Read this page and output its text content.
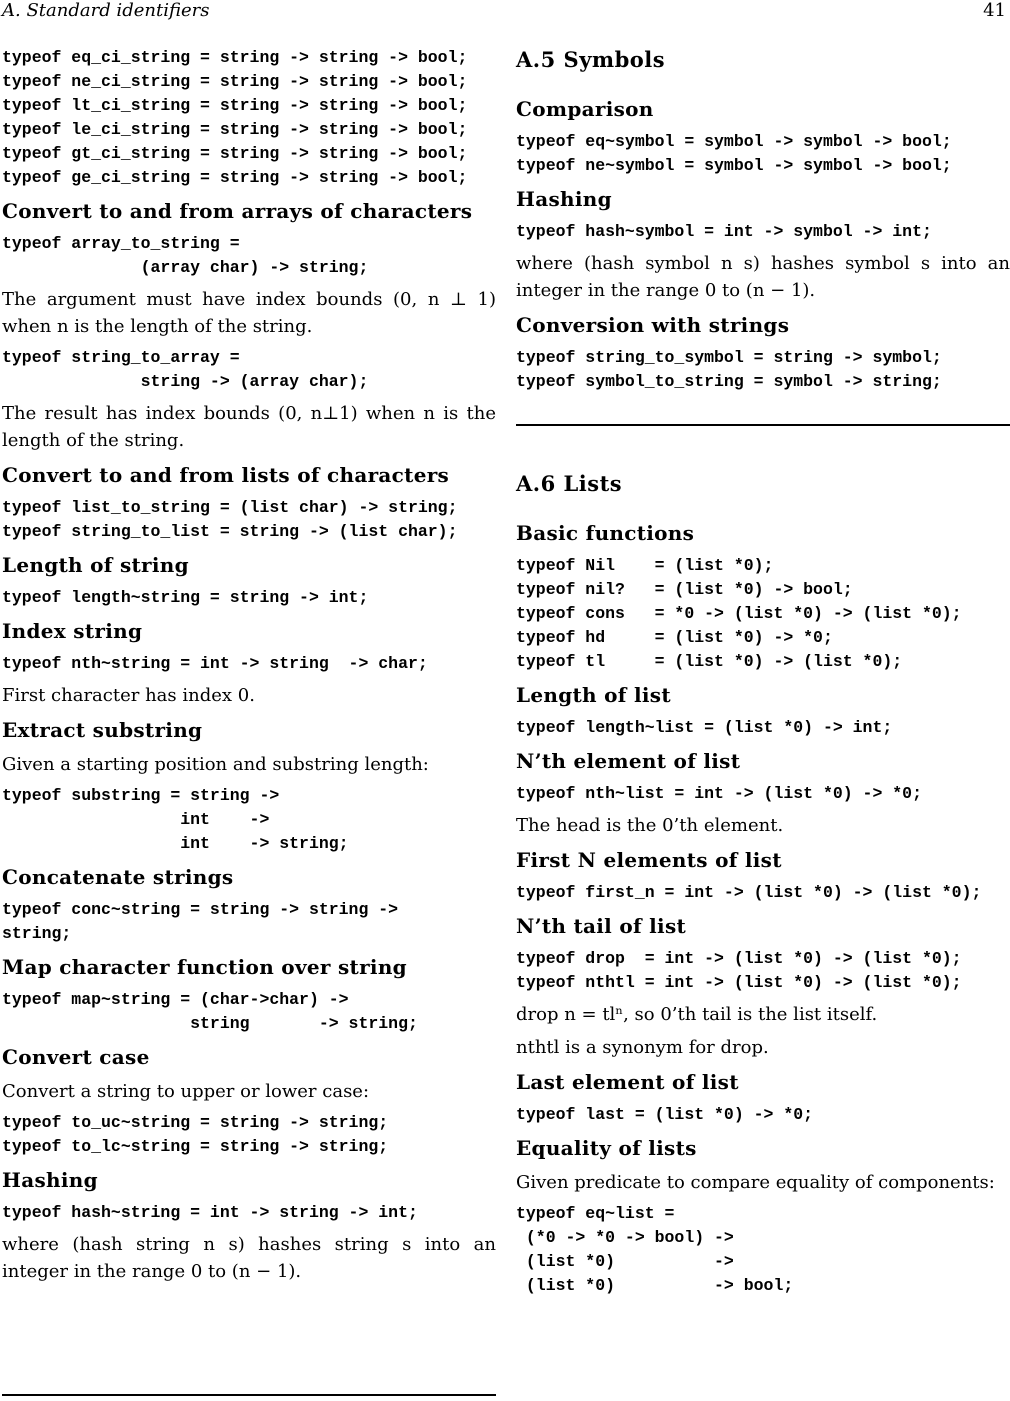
A. Standard identifiers	41
typeof eq_ci_string = string -> string -> bool;
typeof ne_ci_string = string -> string -> bool;
typeof lt_ci_string = string -> string -> bool;
typeof le_ci_string = string -> string -> bool;
typeof gt_ci_string = string -> string -> bool;
typeof ge_ci_string = string -> string -> bool;
Convert to and from arrays of characters
typeof array_to_string =
(array char) -> string;
The argument must have index bounds (0, n ⊥ 1) when n is the length of the string.
typeof string_to_array =
string -> (array char);
The result has index bounds (0, n⊥1) when n is the length of the string.
Convert to and from lists of characters
typeof list_to_string = (list char) -> string;
typeof string_to_list = string -> (list char);
Length of string
typeof length~string = string -> int;
Index string
typeof nth~string = int -> string  -> char;
First character has index 0.
Extract substring
Given a starting position and substring length:
typeof substring = string ->
int    ->
int    -> string;
Concatenate strings
typeof conc~string = string -> string ->
string;
Map character function over string
typeof map~string = (char->char) ->
string       -> string;
Convert case
Convert a string to upper or lower case:
typeof to_uc~string = string -> string;
typeof to_lc~string = string -> string;
Hashing
typeof hash~string = int -> string -> int;
where (hash string n s) hashes string s into an integer in the range 0 to (n − 1).
A.5 Symbols
Comparison
typeof eq~symbol = symbol -> symbol -> bool;
typeof ne~symbol = symbol -> symbol -> bool;
Hashing
typeof hash~symbol = int -> symbol -> int;
where (hash symbol n s) hashes symbol s into an integer in the range 0 to (n − 1).
Conversion with strings
typeof string_to_symbol = string -> symbol;
typeof symbol_to_string = symbol -> string;
A.6 Lists
Basic functions
typeof Nil    = (list *0);
typeof nil?   = (list *0) -> bool;
typeof cons   = *0 -> (list *0) -> (list *0);
typeof hd     = (list *0) -> *0;
typeof tl     = (list *0) -> (list *0);
Length of list
typeof length~list = (list *0) -> int;
N’th element of list
typeof nth~list = int -> (list *0) -> *0;
The head is the 0’th element.
First N elements of list
typeof first_n = int -> (list *0) -> (list *0);
N’th tail of list
typeof drop  = int -> (list *0) -> (list *0);
typeof nthtl = int -> (list *0) -> (list *0);
drop n = tlⁿ, so 0’th tail is the list itself.
nthtl is a synonym for drop.
Last element of list
typeof last = (list *0) -> *0;
Equality of lists
Given predicate to compare equality of components:
typeof eq~list =
(*0 -> *0 -> bool) ->
(list *0)          ->
(list *0)          -> bool;
